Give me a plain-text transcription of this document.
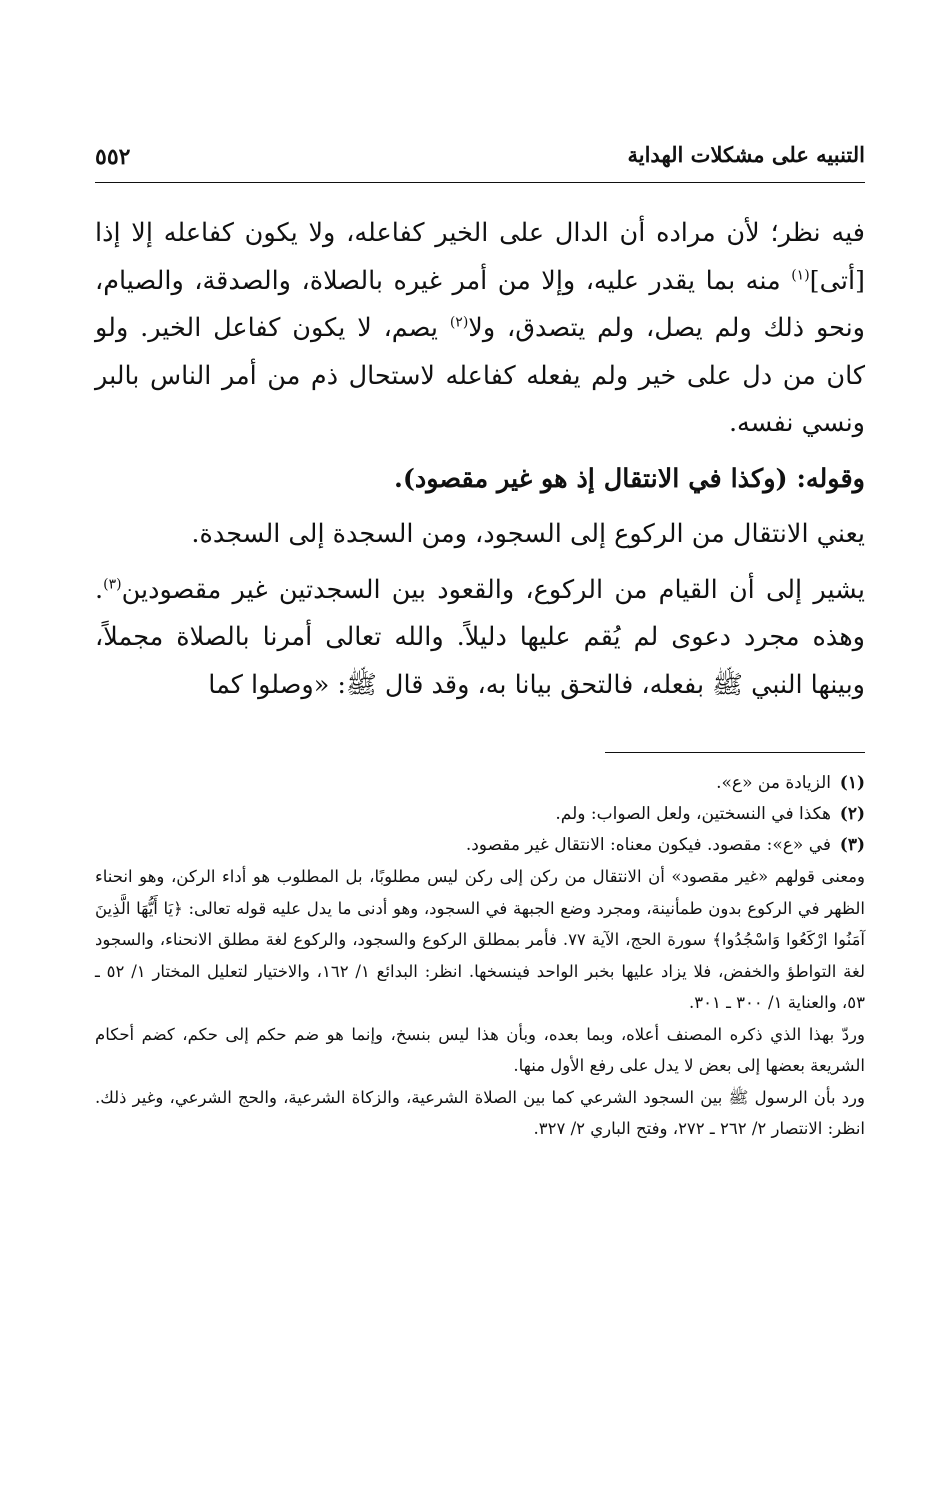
التنبيه على مشكلات الهداية
٥٥٢

فيه نظر؛ لأن مراده أن الدال على الخير كفاعله، ولا يكون كفاعله إلا إذا [أتى]$^{(١)}$ منه بما يقدر عليه، وإلا من أمر غيره بالصلاة، والصدقة، والصيام، ونحو ذلك ولم يصل، ولم يتصدق، ولا$^{(٢)}$ يصم، لا يكون كفاعل الخير. ولو كان من دل على خير ولم يفعله كفاعله لاستحال ذم من أمر الناس بالبر ونسي نفسه.

وقوله: (وكذا في الانتقال إذ هو غير مقصود).

يعني الانتقال من الركوع إلى السجود، ومن السجدة إلى السجدة.

يشير إلى أن القيام من الركوع، والقعود بين السجدتين غير مقصودين$^{(٣)}$. وهذه مجرد دعوى لم يُقم عليها دليلاً. والله تعالى أمرنا بالصلاة مجملاً، وبينها النبي ﷺ بفعله، فالتحق بيانا به، وقد قال ﷺ: «وصلوا كما

(١)الزيادة من «ع».

(٢)هكذا في النسختين، ولعل الصواب: ولم.

(٣)في «ع»: مقصود. فيكون معناه: الانتقال غير مقصود.

ومعنى قولهم «غير مقصود» أن الانتقال من ركن إلى ركن ليس مطلوبًا، بل المطلوب هو أداء الركن، وهو انحناء الظهر في الركوع بدون طمأنينة، ومجرد وضع الجبهة في السجود، وهو أدنى ما يدل عليه قوله تعالى: ﴿يَا أَيُّهَا الَّذِينَ آمَنُوا ارْكَعُوا وَاسْجُدُوا﴾ سورة الحج، الآية ٧٧. فأمر بمطلق الركوع والسجود، والركوع لغة مطلق الانحناء، والسجود لغة التواطؤ والخفض، فلا يزاد عليها بخبر الواحد فينسخها. انظر: البدائع ١/ ١٦٢، والاختيار لتعليل المختار ١/ ٥٢ ـ ٥٣، والعناية ١/ ٣٠٠ ـ ٣٠١.

وردّ بهذا الذي ذكره المصنف أعلاه، وبما بعده، وبأن هذا ليس بنسخ، وإنما هو ضم حكم إلى حكم، كضم أحكام الشريعة بعضها إلى بعض لا يدل على رفع الأول منها.

ورد بأن الرسول ﷺ بين السجود الشرعي كما بين الصلاة الشرعية، والزكاة الشرعية، والحج الشرعي، وغير ذلك. انظر: الانتصار ٢/ ٢٦٢ ـ ٢٧٢، وفتح الباري ٢/ ٣٢٧.
